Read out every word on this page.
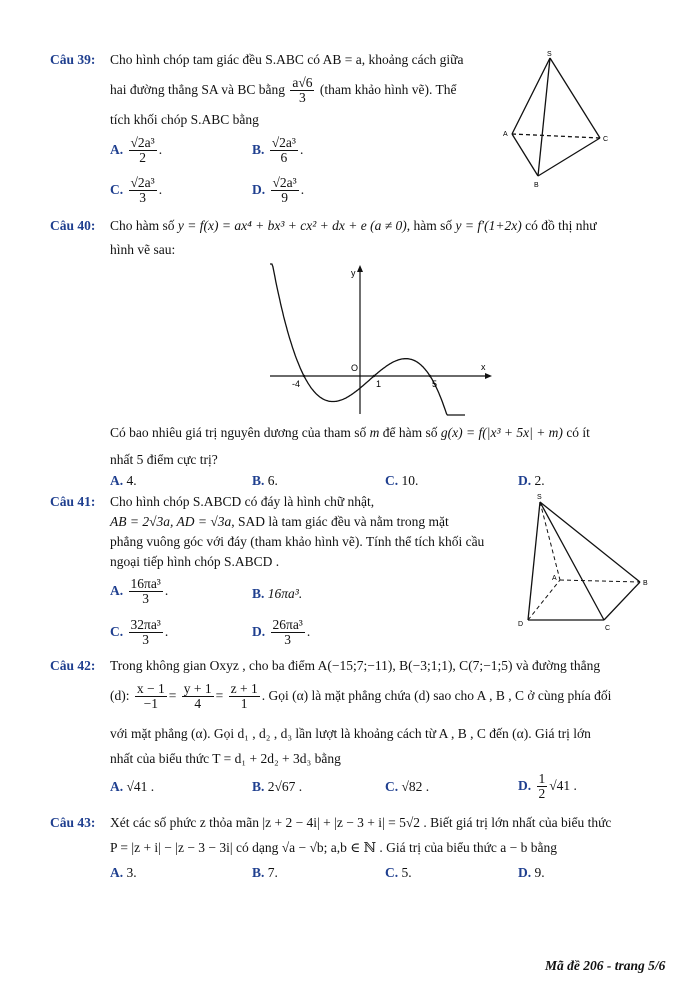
Câu 39: Cho hình chóp tam giác đều S.ABC có AB = a, khoảng cách giữa
hai đường thẳng SA và BC bằng $\frac{a√6}{3}$ (tham khảo hình vẽ). Thể
tích khối chóp S.ABC bằng
A. $\frac{\text{√2a³}}{2}$ .	B. $\frac{\text{√2a³}}{6}$ .
C. $\frac{\text{√2a³}}{3}$ .	D. $\frac{\text{√2a³}}{9}$ .
S
A
B
C
Câu 40: Cho hàm số y = f(x) = ax⁴ + bx³ + cx² + dx + e (a ≠ 0), hàm số y = f′(1+2x) có đồ thị như
hình vẽ sau:
x
y
O
-4	1	5
Có bao nhiêu giá trị nguyên dương của tham số m để hàm số g(x) = f(|x³ + 5x| + m) có ít
nhất 5 điểm cực trị?
A. 4.	B. 6.	C. 10.	D. 2.
Câu 41: Cho hình chóp S.ABCD có đáy là hình chữ nhật,
AB = 2√3a, AD = √3a, SAD là tam giác đều và nằm trong mặt
phẳng vuông góc với đáy (tham khảo hình vẽ). Tính thể tích khối cầu
ngoại tiếp hình chóp S.ABCD .
A. $\frac{\text{16πa³}}{3}$ .	B. 16πa³.
C. $\frac{\text{32πa³}}{3}$ .	D. $\frac{\text{26πa³}}{3}$ .
S
A
B
C
D
Câu 42: Trong không gian Oxyz , cho ba điểm A(−15;7;−11), B(−3;1;1), C(7;−1;5) và đường thẳng
(d): $\frac{x - 1}{-1} = \frac{y + 1}{4} = \frac{z + 1}{1}$ . Gọi (α) là mặt phẳng chứa (d) sao cho A , B , C ở cùng phía đối
với mặt phẳng (α). Gọi d₁ , d₂ , d₃ lần lượt là khoảng cách từ A , B , C đến (α). Giá trị lớn
nhất của biểu thức T = d₁ + 2d₂ + 3d₃ bằng
A. √41 .	B. 2√67 .	C. √82 .	D. $\frac{1}{2} √41$ .
Câu 43: Xét các số phức z thỏa mãn |z + 2 − 4i| + |z − 3 + i| = 5√2 . Biết giá trị lớn nhất của biểu thức
P = |z + i| − |z − 3 − 3i| có dạng √a − √b; a,b ∈ ℕ . Giá trị của biểu thức a − b bằng
A. 3.	B. 7.	C. 5.	D. 9.
Mã đề 206 - trang 5/6
